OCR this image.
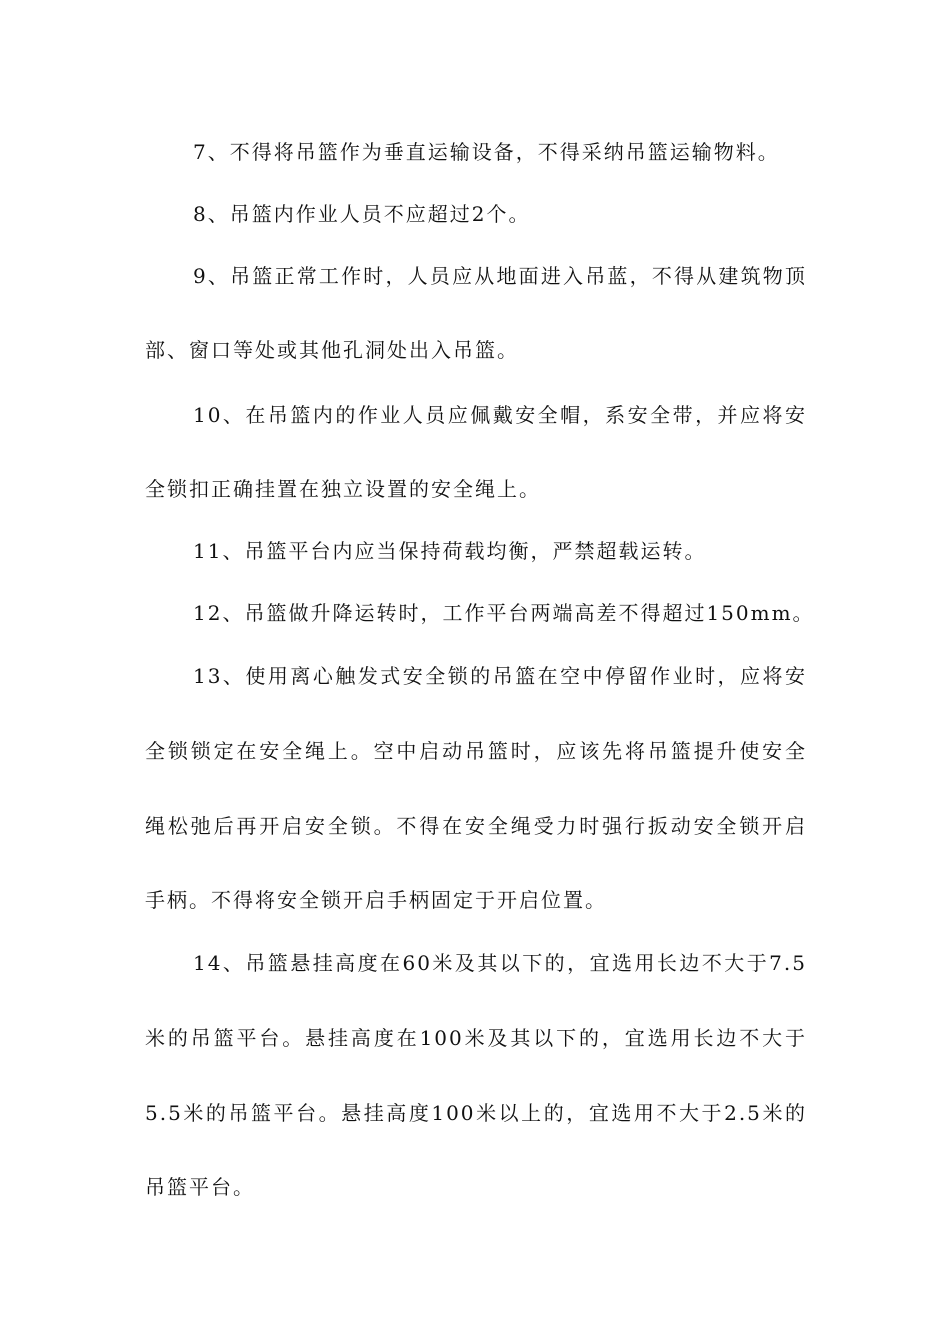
7、不得将吊篮作为垂直运输设备，不得采纳吊篮运输物料。
8、吊篮内作业人员不应超过2个。
9、吊篮正常工作时，人员应从地面进入吊蓝，不得从建筑物顶
部、窗口等处或其他孔洞处出入吊篮。
10、在吊篮内的作业人员应佩戴安全帽，系安全带，并应将安
全锁扣正确挂置在独立设置的安全绳上。
11、吊篮平台内应当保持荷载均衡，严禁超载运转。
12、吊篮做升降运转时，工作平台两端高差不得超过150mm。
13、使用离心触发式安全锁的吊篮在空中停留作业时，应将安
全锁锁定在安全绳上。空中启动吊篮时，应该先将吊篮提升使安全
绳松弛后再开启安全锁。不得在安全绳受力时强行扳动安全锁开启
手柄。不得将安全锁开启手柄固定于开启位置。
14、吊篮悬挂高度在60米及其以下的，宜选用长边不大于7.5
米的吊篮平台。悬挂高度在100米及其以下的，宜选用长边不大于
5.5米的吊篮平台。悬挂高度100米以上的，宜选用不大于2.5米的
吊篮平台。
